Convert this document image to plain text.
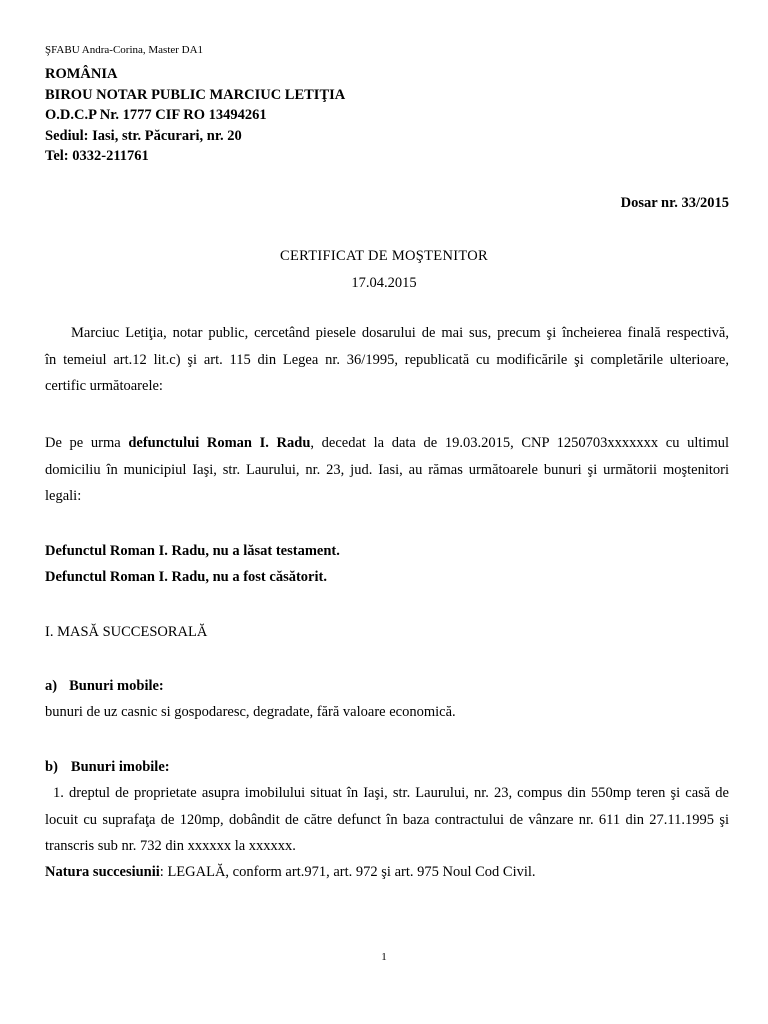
ŞFABU Andra-Corina, Master DA1
ROMÂNIA
BIROU NOTAR PUBLIC MARCIUC LETIŢIA
O.D.C.P Nr. 1777 CIF RO 13494261
Sediul: Iasi, str. Păcurari, nr. 20
Tel: 0332-211761
Dosar nr. 33/2015
CERTIFICAT DE MOŞTENITOR
17.04.2015
Marciuc Letiţia, notar public, cercetând piesele dosarului de mai sus, precum şi încheierea finală respectivă,
în temeiul art.12 lit.c) şi art. 115 din Legea nr. 36/1995, republicată cu modificările şi completările ulterioare,
certific următoarele:
De pe urma defunctului Roman I. Radu, decedat la data de 19.03.2015, CNP 1250703xxxxxxx cu ultimul
domiciliu în municipiul Iaşi, str. Laurului, nr. 23, jud. Iasi, au rămas următoarele bunuri şi următorii moştenitori
legali:
Defunctul Roman I. Radu, nu a lăsat testament.
Defunctul Roman I. Radu, nu a fost căsătorit.
I. MASĂ SUCCESORALĂ
a) Bunuri mobile:
bunuri de uz casnic si gospodaresc, degradate, fără valoare economică.
b) Bunuri imobile:
1. dreptul de proprietate asupra imobilului situat în Iaşi, str. Laurului, nr. 23, compus din 550mp teren şi casă de
locuit cu suprafaţa de 120mp, dobândit de către defunct în baza contractului de vânzare nr. 611 din 27.11.1995 şi
transcris sub nr. 732 din xxxxxx la xxxxxx.
Natura succesiunii: LEGALĂ, conform art.971, art. 972 şi art. 975 Noul Cod Civil.
1
